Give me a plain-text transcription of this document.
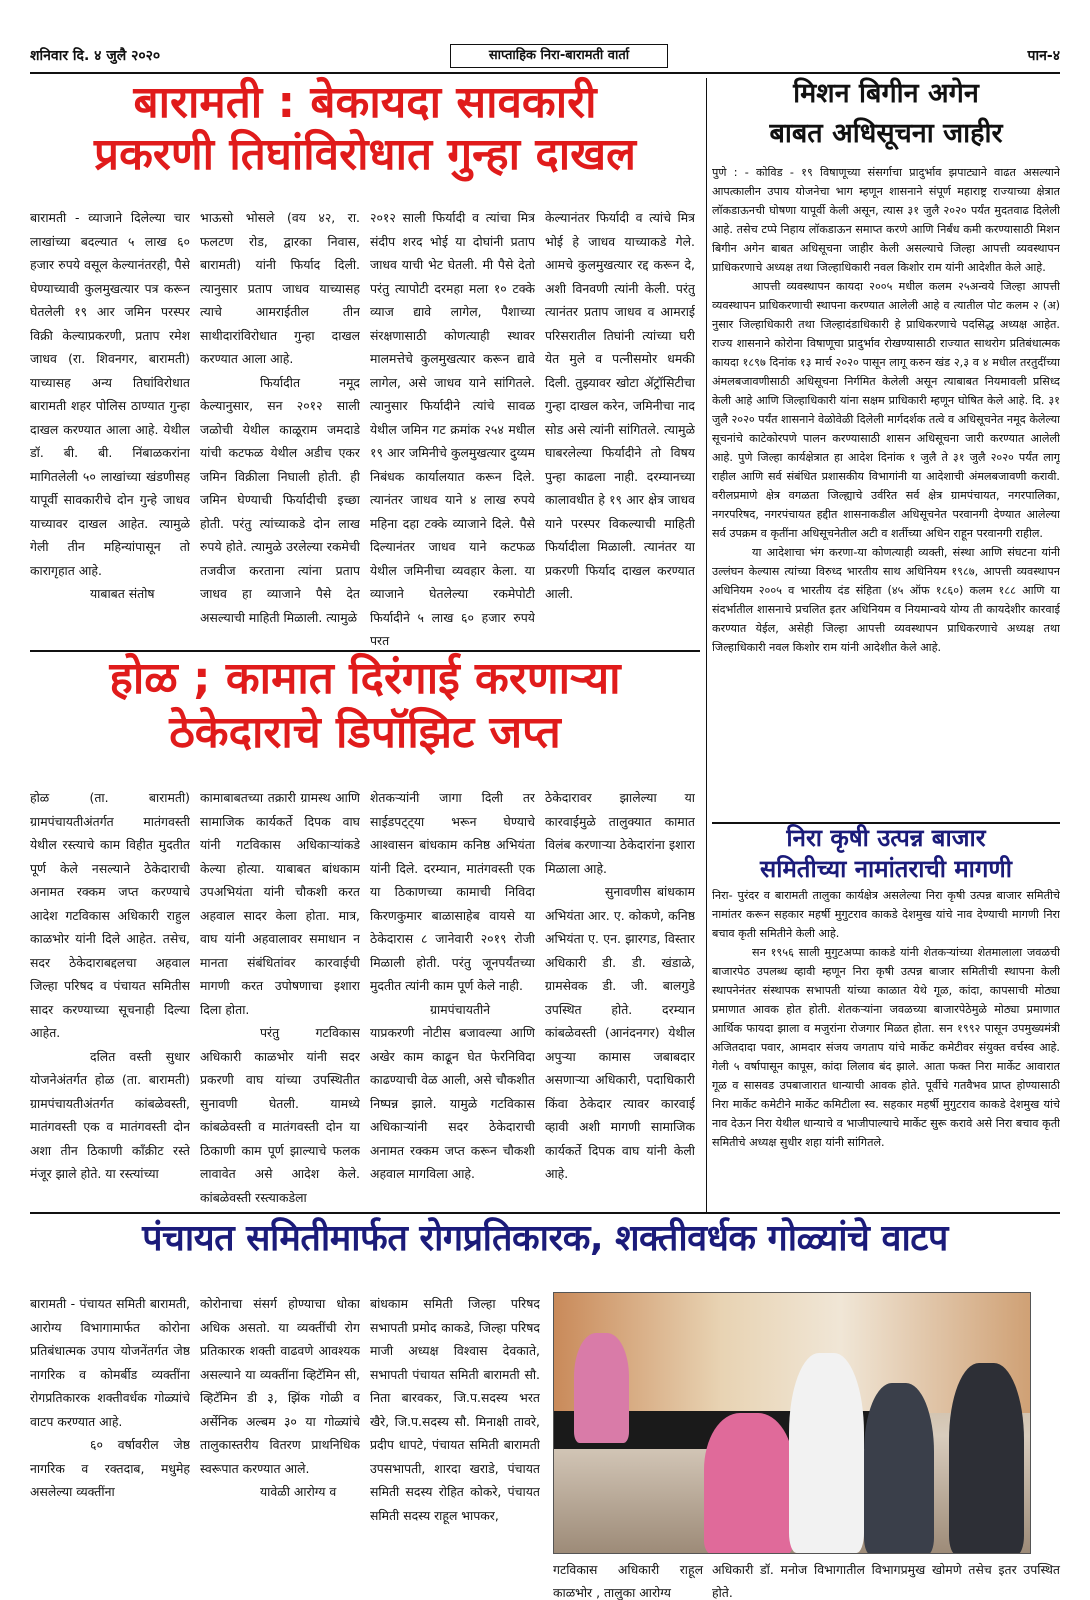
शनिवार दि. ४ जुलै २०२०	साप्ताहिक निरा-बारामती वार्ता	पान-४
बारामती : बेकायदा सावकारी
प्रकरणी तिघांविरोधात गुन्हा दाखल

बारामती - व्याजाने दिलेल्या चार लाखांच्या बदल्यात ५ लाख ६० हजार रुपये वसूल केल्यानंतरही, पैसे घेण्याच्यावी कुलमुखत्यार पत्र करून घेतलेली १९ आर जमिन परस्पर विक्री केल्याप्रकरणी, प्रताप रमेश जाधव (रा. शिवनगर, बारामती) याच्यासह अन्य तिघांविरोधात बारामती शहर पोलिस ठाण्यात गुन्हा दाखल करण्यात आला आहे. येथील डॉ. बी. बी. निंबाळकरांना मागितलेली ५० लाखांच्या खंडणीसह यापूर्वी सावकारीचे दोन गुन्हे जाधव याच्यावर दाखल आहेत. त्यामुळे गेली तीन महिन्यांपासून तो कारागृहात आहे.

याबाबत संतोष

भाऊसो भोसले (वय ४२, रा. फलटण रोड, द्वारका निवास, बारामती) यांनी फिर्याद दिली. त्यानुसार प्रताप जाधव याच्यासह त्याचे आमराईतील तीन साथीदारांविरोधात गुन्हा दाखल करण्यात आला आहे.

फिर्यादीत नमूद केल्यानुसार, सन २०१२ साली जळोची येथील काळूराम जमदाडे यांची कटफळ येथील अडीच एकर जमिन विक्रीला निघाली होती. ही जमिन घेण्याची फिर्यादीची इच्छा होती. परंतु त्यांच्याकडे दोन लाख रुपये होते. त्यामुळे उरलेल्या रकमेची तजवीज करताना त्यांना प्रताप जाधव हा व्याजाने पैसे देत असल्याची माहिती मिळाली. त्यामुळे

२०१२ साली फिर्यादी व त्यांचा मित्र संदीप शरद भोई या दोघांनी प्रताप जाधव याची भेट घेतली. मी पैसे देतो परंतु त्यापोटी दरमहा मला १० टक्के व्याज द्यावे लागेल, पैशाच्या संरक्षणासाठी कोणत्याही स्थावर मालमत्तेचे कुलमुखत्यार करून द्यावे लागेल, असे जाधव याने सांगितले. त्यानुसार फिर्यादीने त्यांचे सावळ येथील जमिन गट क्रमांक २५४ मधील १९ आर जमिनीचे कुलमुखत्यार दुय्यम निबंधक कार्यालयात करून दिले. त्यानंतर जाधव याने ४ लाख रुपये महिना दहा टक्के व्याजाने दिले. पैसे दिल्यानंतर जाधव याने कटफळ येथील जमिनीचा व्यवहार केला. या व्याजाने घेतलेल्या रकमेपोटी फिर्यादीने ५ लाख ६० हजार रुपये परत

केल्यानंतर फिर्यादी व त्यांचे मित्र भोई हे जाधव याच्याकडे गेले. आमचे कुलमुखत्यार रद्द करून दे, अशी विनवणी त्यांनी केली. परंतु त्यानंतर प्रताप जाधव व आमराई परिसरातील तिघांनी त्यांच्या घरी येत मुले व पत्नीसमोर धमकी दिली. तुझ्यावर खोटा ॲट्रॉसिटीचा गुन्हा दाखल करेन, जमिनीचा नाद सोड असे त्यांनी सांगितले. त्यामुळे घाबरलेल्या फिर्यादीने तो विषय पुन्हा काढला नाही. दरम्यानच्या कालावधीत हे १९ आर क्षेत्र जाधव याने परस्पर विकल्याची माहिती फिर्यादीला मिळाली. त्यानंतर या प्रकरणी फिर्याद दाखल करण्यात आली.

होळ ; कामात दिरंगाई करणाऱ्या
ठेकेदाराचे डिपॉझिट जप्त

होळ (ता. बारामती) ग्रामपंचायतीअंतर्गत मातंगवस्ती येथील रस्त्याचे काम विहीत मुदतीत पूर्ण केले नसल्याने ठेकेदाराची अनामत रक्कम जप्त करण्याचे आदेश गटविकास अधिकारी राहुल काळभोर यांनी दिले आहेत. तसेच, सदर ठेकेदाराबद्दलचा अहवाल जिल्हा परिषद व पंचायत समितीस सादर करण्याच्या सूचनाही दिल्या आहेत.

दलित वस्ती सुधार योजनेअंतर्गत होळ (ता. बारामती) ग्रामपंचायतीअंतर्गत कांबळेवस्ती, मातंगवस्ती एक व मातंगवस्ती दोन अशा तीन ठिकाणी कॉंक्रीट रस्ते मंजूर झाले होते. या रस्त्यांच्या

कामाबाबतच्या तक्रारी ग्रामस्थ आणि सामाजिक कार्यकर्ते दिपक वाघ यांनी गटविकास अधिकाऱ्यांकडे केल्या होत्या. याबाबत बांधकाम उपअभियंता यांनी चौकशी करत अहवाल सादर केला होता. मात्र, वाघ यांनी अहवालावर समाधान न मानता संबंधितांवर कारवाईची मागणी करत उपोषणाचा इशारा दिला होता.

परंतु गटविकास अधिकारी काळभोर यांनी सदर प्रकरणी वाघ यांच्या उपस्थितीत सुनावणी घेतली. यामध्ये कांबळेवस्ती व मातंगवस्ती दोन या ठिकाणी काम पूर्ण झाल्याचे फलक लावावेत असे आदेश केले. कांबळेवस्ती रस्त्याकडेला

शेतकऱ्यांनी जागा दिली तर साईडपट्ट्या भरून घेण्याचे आश्वासन बांधकाम कनिष्ठ अभियंता यांनी दिले. दरम्यान, मातंगवस्ती एक या ठिकाणच्या कामाची निविदा किरणकुमार बाळासाहेब वायसे या ठेकेदारास ८ जानेवारी २०१९ रोजी मिळाली होती. परंतु जूनपर्यंतच्या मुदतीत त्यांनी काम पूर्ण केले नाही.

ग्रामपंचायतीने याप्रकरणी नोटीस बजावल्या आणि अखेर काम काढून घेत फेरनिविदा काढण्याची वेळ आली, असे चौकशीत निष्पन्न झाले. यामुळे गटविकास अधिकाऱ्यांनी सदर ठेकेदाराची अनामत रक्कम जप्त करून चौकशी अहवाल मागविला आहे.

ठेकेदारावर झालेल्या या कारवाईमुळे तालुक्यात कामात विलंब करणाऱ्या ठेकेदारांना इशारा मिळाला आहे.

सुनावणीस बांधकाम अभियंता आर. ए. कोकणे, कनिष्ठ अभियंता ए. एन. झारगड, विस्तार अधिकारी डी. डी. खंडाळे, ग्रामसेवक डी. जी. बालगुडे उपस्थित होते. दरम्यान कांबळेवस्ती (आनंदनगर) येथील अपुऱ्या कामास जबाबदार असणाऱ्या अधिकारी, पदाधिकारी किंवा ठेकेदार त्यावर कारवाई व्हावी अशी मागणी सामाजिक कार्यकर्ते दिपक वाघ यांनी केली आहे.

मिशन बिगीन अगेन
बाबत अधिसूचना जाहीर

पुणे : - कोविड - १९ विषाणूच्या संसर्गाचा प्रादुर्भाव झपाट्याने वाढत असल्याने आपत्कालीन उपाय योजनेचा भाग म्हणून शासनाने संपूर्ण महाराष्ट्र राज्याच्या क्षेत्रात लॉकडाऊनची घोषणा यापूर्वी केली असून, त्यास ३१ जुलै २०२० पर्यंत मुदतवाढ दिलेली आहे. तसेच टप्पे निहाय लॉकडाऊन समाप्त करणे आणि निर्बंध कमी करण्यासाठी मिशन बिगीन अगेन बाबत अधिसूचना जाहीर केली असल्याचे जिल्हा आपत्ती व्यवस्थापन प्राधिकरणाचे अध्यक्ष तथा जिल्हाधिकारी नवल किशोर राम यांनी आदेशीत केले आहे.

आपत्ती व्यवस्थापन कायदा २००५ मधील कलम २५अन्वये जिल्हा आपत्ती व्यवस्थापन प्राधिकरणाची स्थापना करण्यात आलेली आहे व त्यातील पोट कलम २ (अ) नुसार जिल्हाधिकारी तथा जिल्हादंडाधिकारी हे प्राधिकरणाचे पदसिद्ध अध्यक्ष आहेत. राज्य शासनाने कोरोना विषाणूचा प्रादुर्भाव रोखण्यासाठी राज्यात साथरोग प्रतिबंधात्मक कायदा १८९७ दिनांक १३ मार्च २०२० पासून लागू करुन खंड २,३ व ४ मधील तरतुदींच्या अंमलबजावणीसाठी अधिसूचना निर्गमित केलेली असून त्याबाबत नियमावली प्रसिध्द केली आहे आणि जिल्हाधिकारी यांना सक्षम प्राधिकारी म्हणून घोषित केले आहे. दि. ३१ जुलै २०२० पर्यंत शासनाने वेळोवेळी दिलेली मार्गदर्शक तत्वे व अधिसूचनेत नमूद केलेल्या सूचनांचे काटेकोरपणे पालन करण्यासाठी शासन अधिसूचना जारी करण्यात आलेली आहे. पुणे जिल्हा कार्यक्षेत्रात हा आदेश दिनांक १ जुलै ते ३१ जुलै २०२० पर्यंत लागू राहील आणि सर्व संबंधित प्रशासकीय विभागांनी या आदेशाची अंमलबजावणी करावी. वरीलप्रमाणे क्षेत्र वगळता जिल्ह्याचे उर्वरित सर्व क्षेत्र ग्रामपंचायत, नगरपालिका, नगरपरिषद, नगरपंचायत हद्दीत शासनाकडील अधिसूचनेत परवानगी देण्यात आलेल्या सर्व उपक्रम व कृतींना अधिसूचनेतील अटी व शर्तीच्या अधिन राहून परवानगी राहील.

या आदेशाचा भंग करणा-या कोणत्याही व्यक्ती, संस्था आणि संघटना यांनी उल्लंघन केल्यास त्यांच्या विरुध्द भारतीय साथ अधिनियम १९८७, आपत्ती व्यवस्थापन अधिनियम २००५ व भारतीय दंड संहिता (४५ ऑफ १८६०) कलम १८८ आणि या संदर्भातील शासनाचे प्रचलित इतर अधिनियम व नियमान्वये योग्य ती कायदेशीर कारवाई करण्यात येईल, असेही जिल्हा आपत्ती व्यवस्थापन प्राधिकरणाचे अध्यक्ष तथा जिल्हाधिकारी नवल किशोर राम यांनी आदेशीत केले आहे.

निरा कृषी उत्पन्न बाजार
समितीच्या नामांतराची मागणी

निरा- पुरंदर व बारामती तालुका कार्यक्षेत्र असलेल्या निरा कृषी उत्पन्न बाजार समितीचे नामांतर करून सहकार महर्षी मुगुटराव काकडे देशमुख यांचे नाव देण्याची मागणी निरा बचाव कृती समितीने केली आहे.

सन १९५६ साली मुगुटअप्पा काकडे यांनी शेतकऱ्यांच्या शेतमालाला जवळची बाजारपेठ उपलब्ध व्हावी म्हणून निरा कृषी उत्पन्न बाजार समितीची स्थापना केली स्थापनेनंतर संस्थापक सभापती यांच्या काळात येथे गूळ, कांदा, कापसाची मोठ्या प्रमाणात आवक होत होती. शेतकऱ्यांना जवळच्या बाजारपेठेमुळे मोठ्या प्रमाणात आर्थिक फायदा झाला व मजुरांना रोजगार मिळत होता. सन १९९२ पासून उपमुख्यमंत्री अजितदादा पवार, आमदार संजय जगताप यांचे मार्केट कमेटीवर संयुक्त वर्चस्व आहे. गेली ५ वर्षापासून कापूस, कांदा लिलाव बंद झाले. आता फक्त निरा मार्केट आवारात गूळ व सासवड उपबाजारात धान्याची आवक होते. पूर्वीचे गतवैभव प्राप्त होण्यासाठी निरा मार्केट कमेटीने मार्केट कमिटीला स्व. सहकार महर्षी मुगुटराव काकडे देशमुख यांचे नाव देऊन निरा येथील धान्याचे व भाजीपाल्याचे मार्केट सुरू करावे असे निरा बचाव कृती समितीचे अध्यक्ष सुधीर शहा यांनी सांगितले.

पंचायत समितीमार्फत रोगप्रतिकारक, शक्तीवर्धक गोळ्यांचे वाटप

बारामती - पंचायत समिती बारामती, आरोग्य विभागामार्फत कोरोना प्रतिबंधात्मक उपाय योजनेंतर्गत जेष्ठ नागरिक व कोमर्बीड व्यक्तींना रोगप्रतिकारक शक्तीवर्धक गोळ्यांचे वाटप करण्यात आहे.

६० वर्षावरील जेष्ठ नागरिक व रक्तदाब, मधुमेह असलेल्या व्यक्तींना

कोरोनाचा संसर्ग होण्याचा धोका अधिक असतो. या व्यक्तींची रोग प्रतिकारक शक्ती वाढवणे आवश्यक असल्याने या व्यक्तींना व्हिटॅमिन सी, व्हिटॅमिन डी ३, झिंक गोळी व अर्सेनिक अल्बम ३० या गोळ्यांचे तालुकास्तरीय वितरण प्राथनिधिक स्वरूपात करण्यात आले.

यावेळी आरोग्य व

बांधकाम समिती जिल्हा परिषद सभापती प्रमोद काकडे, जिल्हा परिषद माजी अध्यक्ष विश्वास देवकाते, सभापती पंचायत समिती बारामती सौ. निता बारवकर, जि.प.सदस्य भरत खैरे, जि.प.सदस्य सौ. मिनाक्षी तावरे, प्रदीप धापटे, पंचायत समिती बारामती उपसभापती, शारदा खराडे, पंचायत समिती सदस्य रोहित कोकरे, पंचायत समिती सदस्य राहूल भापकर,

गटविकास अधिकारी राहूल काळभोर , तालुका आरोग्य
अधिकारी डॉ. मनोज विभागातील विभागप्रमुख खोमणे तसेच इतर उपस्थित होते.
